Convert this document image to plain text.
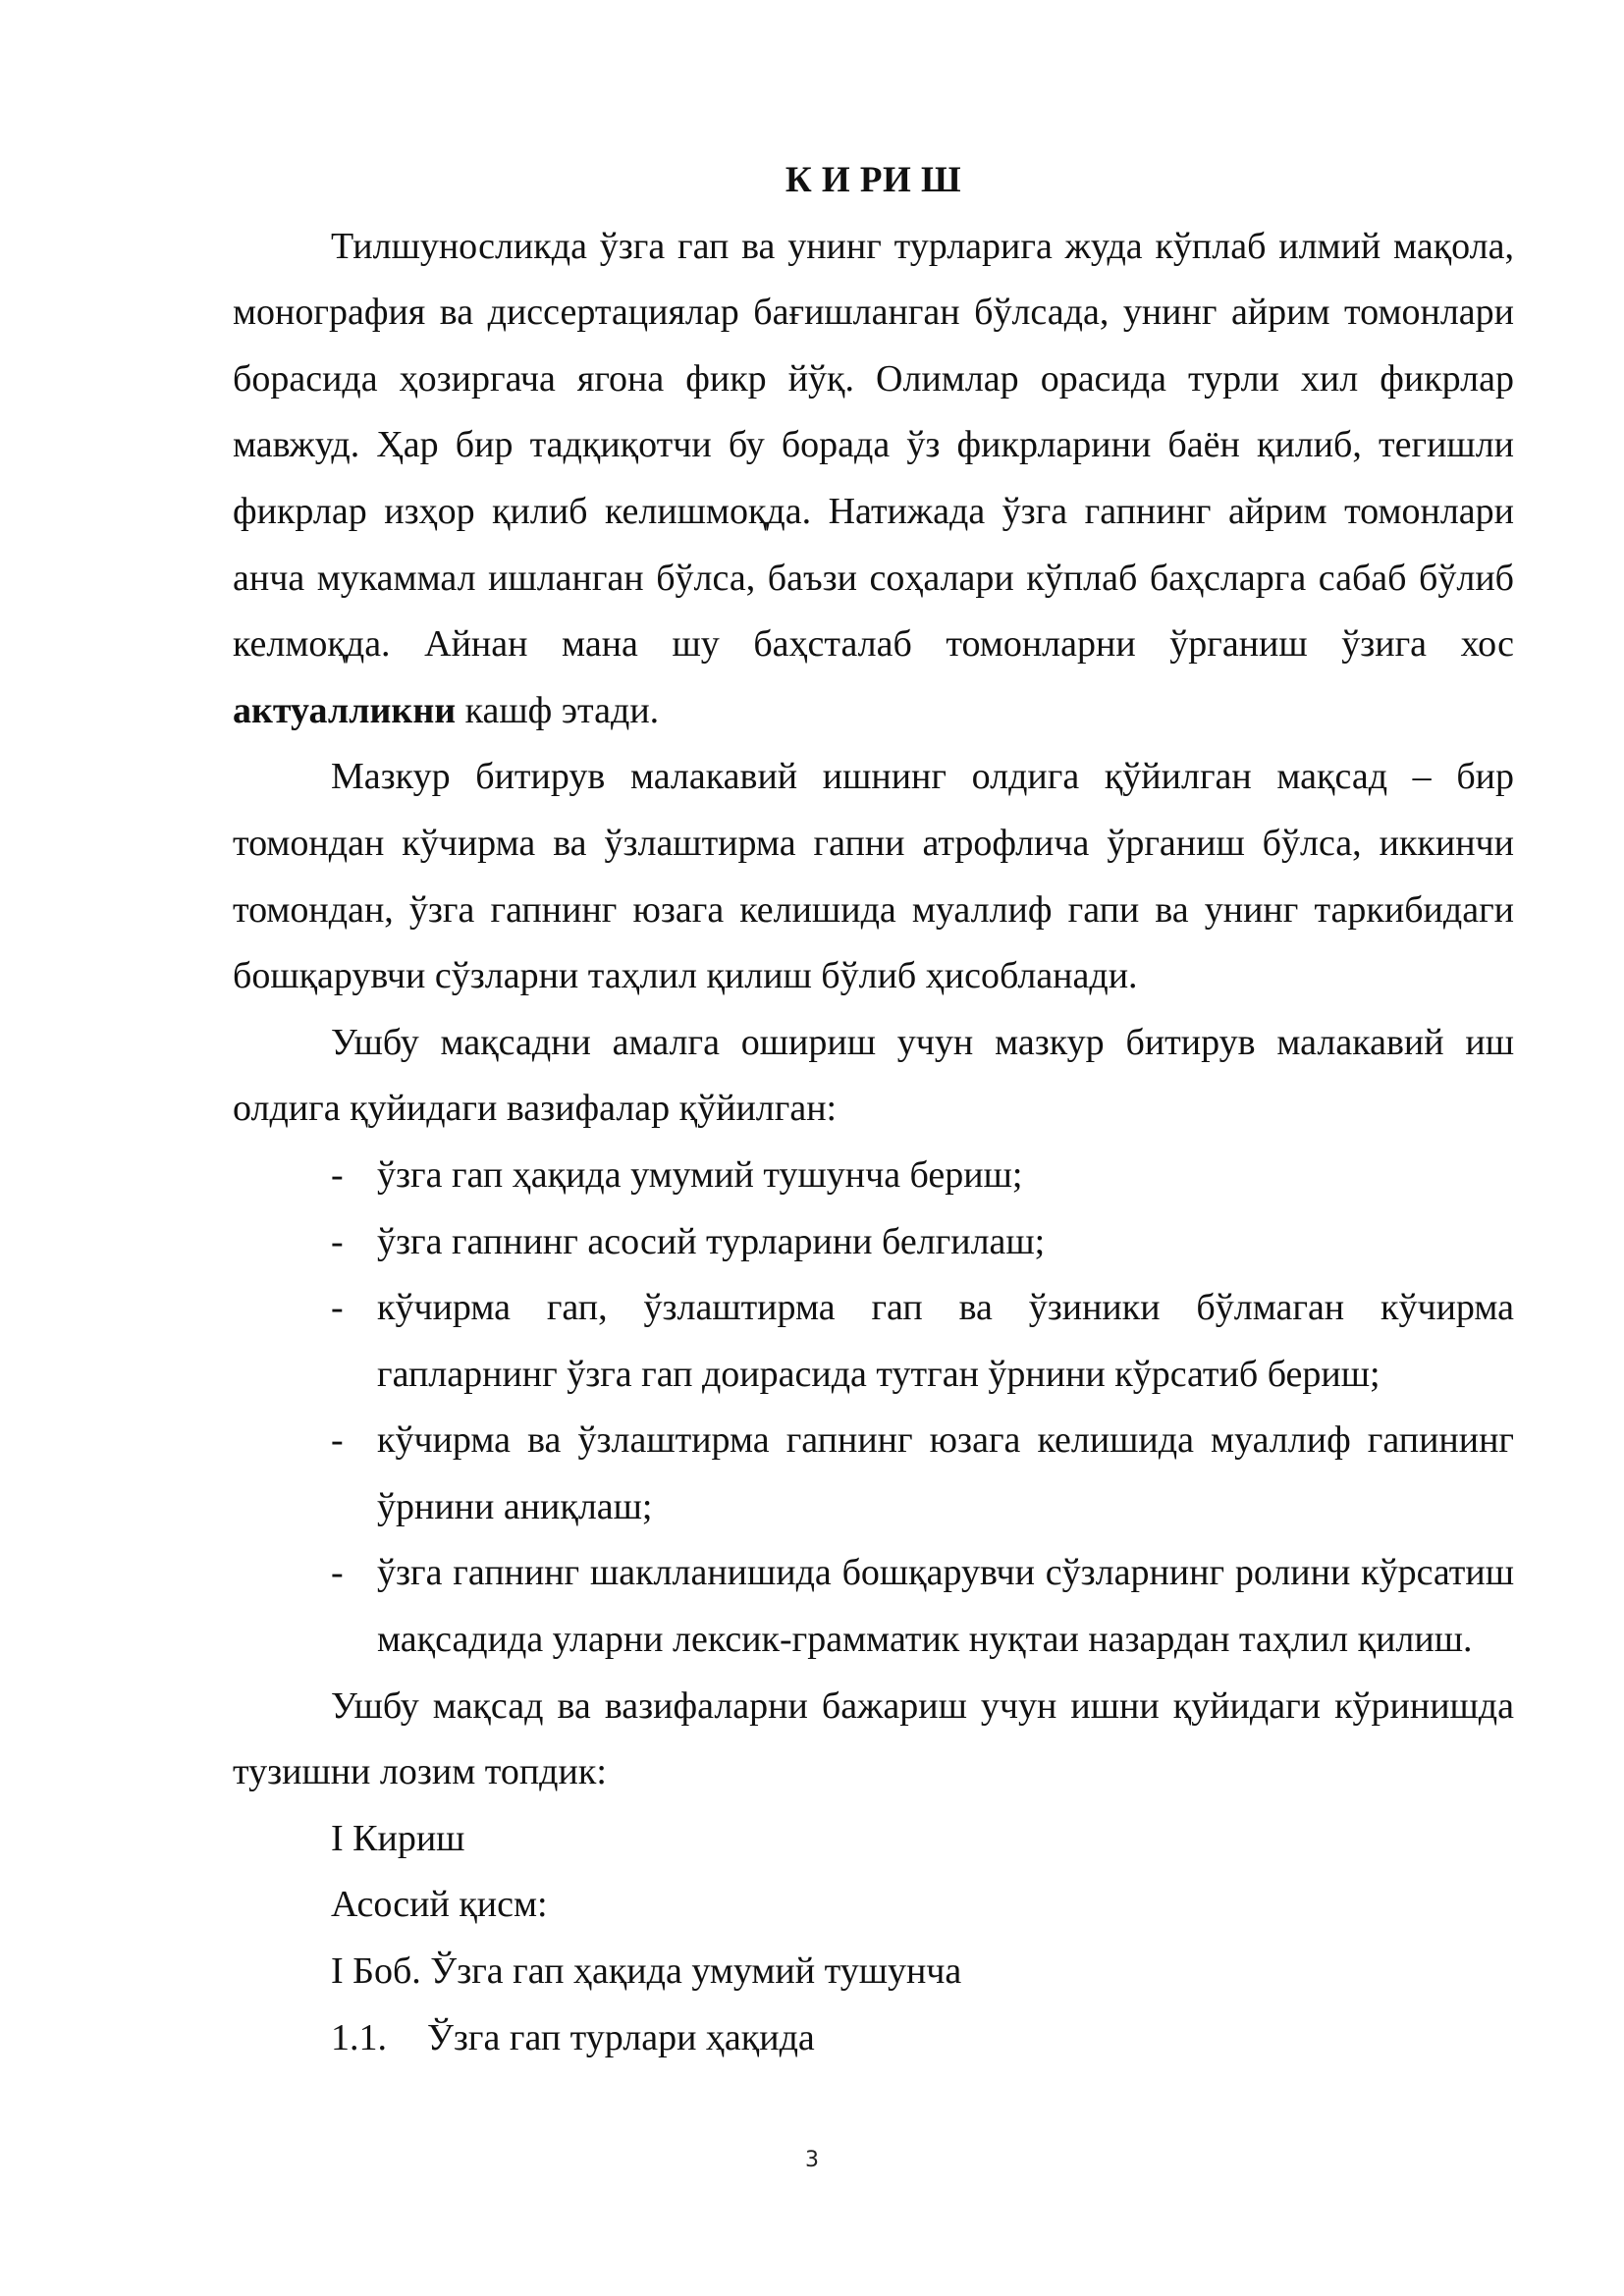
К И РИ Ш

Тилшуносликда ўзга гап ва унинг турларига жуда кўплаб илмий мақола, монография ва диссертациялар бағишланган бўлсада, унинг айрим томонлари борасида ҳозиргача ягона фикр йўқ. Олимлар орасида турли хил фикрлар мавжуд. Ҳар бир тадқиқотчи бу борада ўз фикрларини баён қилиб, тегишли фикрлар изҳор қилиб келишмоқда. Натижада ўзга гапнинг айрим томонлари анча мукаммал ишланган бўлса, баъзи соҳалари кўплаб баҳсларга сабаб бўлиб келмоқда. Айнан мана шу баҳсталаб томонларни ўрганиш ўзига хос актуалликни кашф этади.

Мазкур битирув малакавий ишнинг олдига қўйилган мақсад – бир томондан кўчирма ва ўзлаштирма гапни атрофлича ўрганиш бўлса, иккинчи томондан, ўзга гапнинг юзага келишида муаллиф гапи ва унинг таркибидаги бошқарувчи сўзларни таҳлил қилиш бўлиб ҳисобланади.

Ушбу мақсадни амалга ошириш учун мазкур битирув малакавий иш олдига қуйидаги вазифалар қўйилган:

- ўзга гап ҳақида умумий тушунча бериш;
- ўзга гапнинг асосий турларини белгилаш;
- кўчирма гап, ўзлаштирма гап ва ўзиники бўлмаган кўчирма гапларнинг ўзга гап доирасида тутган ўрнини кўрсатиб бериш;
- кўчирма ва ўзлаштирма гапнинг юзага келишида муаллиф гапининг ўрнини аниқлаш;
- ўзга гапнинг шаклланишида бошқарувчи сўзларнинг ролини кўрсатиш мақсадида уларни лексик-грамматик нуқтаи назардан таҳлил қилиш.

Ушбу мақсад ва вазифаларни бажариш учун ишни қуйидаги кўринишда тузишни лозим топдик:

I Кириш

Асосий қисм:

I Боб. Ўзга гап ҳақида умумий тушунча

1.1. Ўзга гап турлари ҳақида
3
